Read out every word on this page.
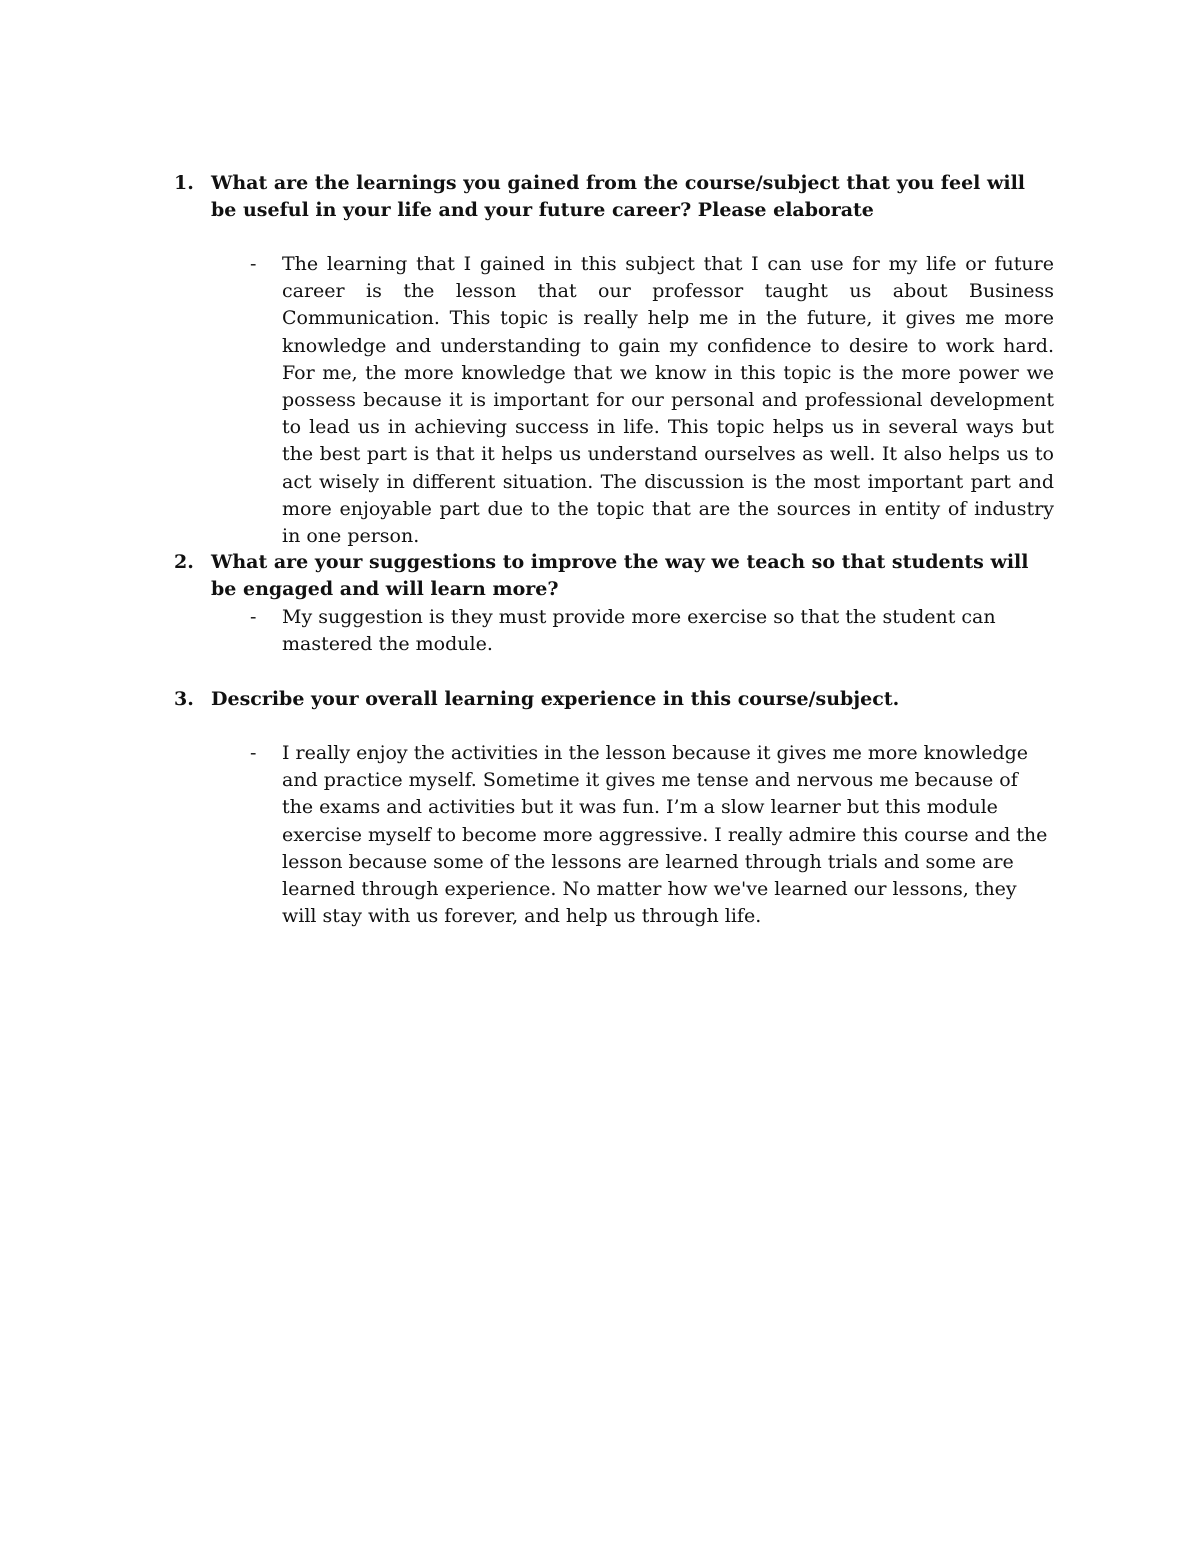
1. What are the learnings you gained from the course/subject that you feel will be useful in your life and your future career? Please elaborate
-	The learning that I gained in this subject that I can use for my life or future career is the lesson that our professor taught us about Business Communication. This topic is really help me in the future, it gives me more knowledge and understanding to gain my confidence to desire to work hard. For me, the more knowledge that we know in this topic is the more power we possess because it is important for our personal and professional development to lead us in achieving success in life. This topic helps us in several ways but the best part is that it helps us understand ourselves as well. It also helps us to act wisely in different situation. The discussion is the most important part and more enjoyable part due to the topic that are the sources in entity of industry in one person.
2. What are your suggestions to improve the way we teach so that students will be engaged and will learn more?
-	My suggestion is they must provide more exercise so that the student can mastered the module.
3. Describe your overall learning experience in this course/subject.
-	I really enjoy the activities in the lesson because it gives me more knowledge and practice myself. Sometime it gives me tense and nervous me because of the exams and activities but it was fun. I’m a slow learner but this module exercise myself to become more aggressive. I really admire this course and the lesson because some of the lessons are learned through trials and some are learned through experience. No matter how we've learned our lessons, they will stay with us forever, and help us through life.
